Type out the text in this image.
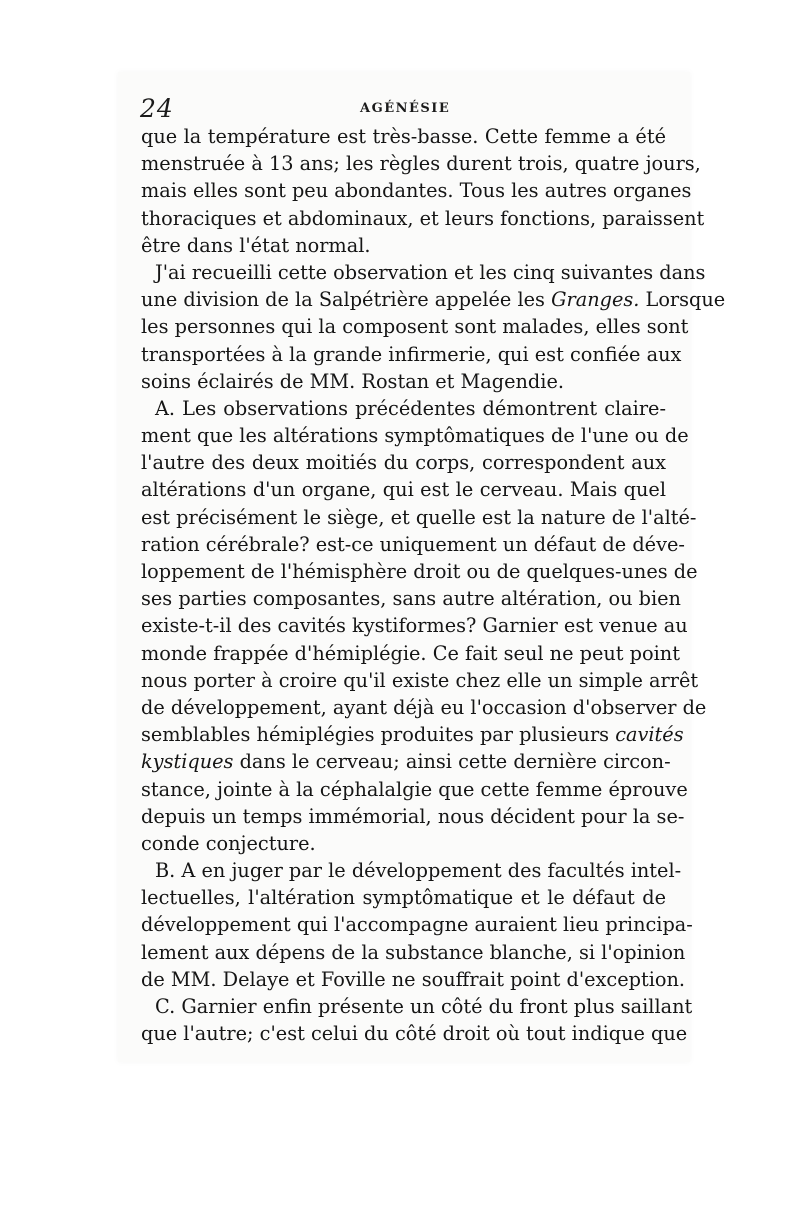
24	AGÉNÉSIE
que la température est très-basse. Cette femme a été
menstruée à 13 ans; les règles durent trois, quatre jours,
mais elles sont peu abondantes. Tous les autres organes
thoraciques et abdominaux, et leurs fonctions, paraissent
être dans l'état normal.
J'ai recueilli cette observation et les cinq suivantes dans
une division de la Salpétrière appelée les Granges. Lorsque
les personnes qui la composent sont malades, elles sont
transportées à la grande infirmerie, qui est confiée aux
soins éclairés de MM. Rostan et Magendie.
A. Les observations précédentes démontrent claire-
ment que les altérations symptômatiques de l'une ou de
l'autre des deux moitiés du corps, correspondent aux
altérations d'un organe, qui est le cerveau. Mais quel
est précisément le siège, et quelle est la nature de l'alté-
ration cérébrale? est-ce uniquement un défaut de déve-
loppement de l'hémisphère droit ou de quelques-unes de
ses parties composantes, sans autre altération, ou bien
existe-t-il des cavités kystiformes? Garnier est venue au
monde frappée d'hémiplégie. Ce fait seul ne peut point
nous porter à croire qu'il existe chez elle un simple arrêt
de développement, ayant déjà eu l'occasion d'observer de
semblables hémiplégies produites par plusieurs cavités
kystiques dans le cerveau; ainsi cette dernière circon-
stance, jointe à la céphalalgie que cette femme éprouve
depuis un temps immémorial, nous décident pour la se-
conde conjecture.
B. A en juger par le développement des facultés intel-
lectuelles, l'altération symptômatique et le défaut de
développement qui l'accompagne auraient lieu principa-
lement aux dépens de la substance blanche, si l'opinion
de MM. Delaye et Foville ne souffrait point d'exception.
C. Garnier enfin présente un côté du front plus saillant
que l'autre; c'est celui du côté droit où tout indique que
